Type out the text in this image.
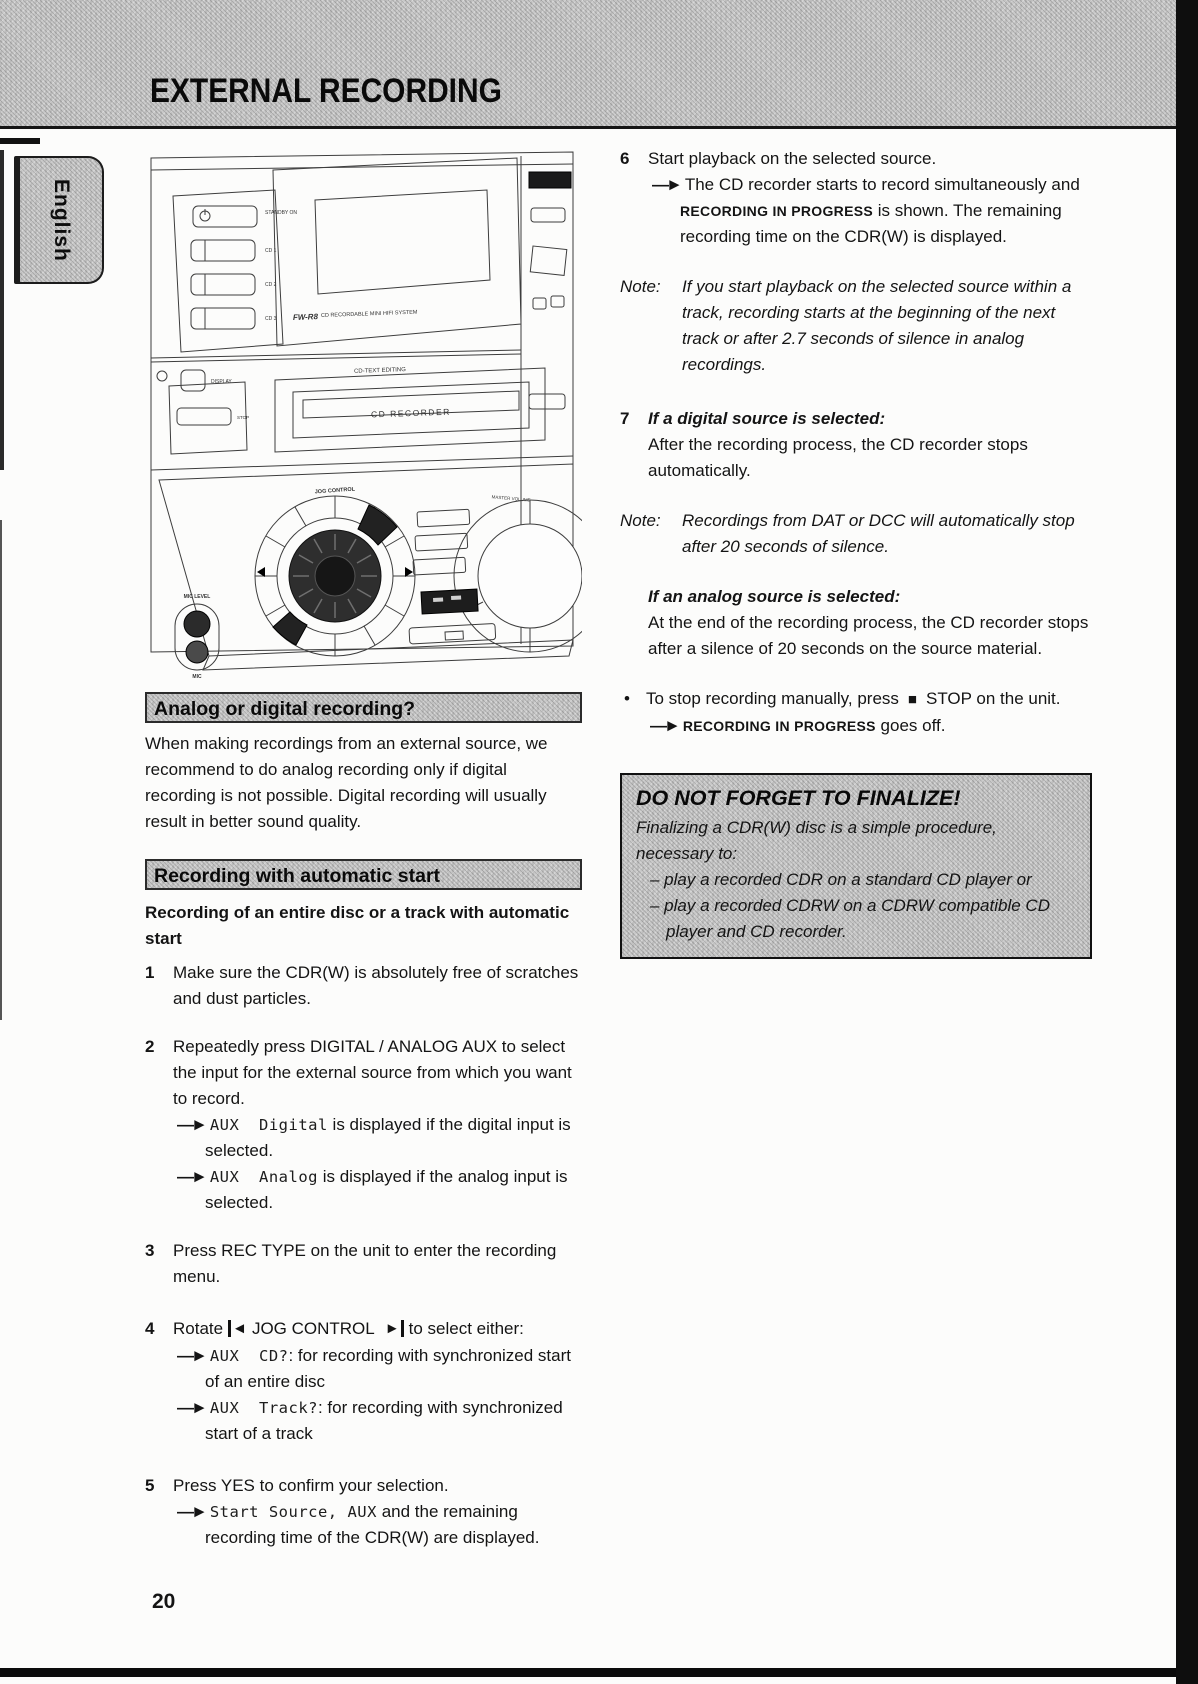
EXTERNAL RECORDING
English	STANDBY ON
CD 1
CD 2
CD 3
DISPLAY
FW-R8 CD RECORDABLE MINI HIFI SYSTEM
CD-TEXT EDITING
CD RECORDER
STOP
JOG CONTROL
MASTER VOLUME
MIC LEVEL
MIC
Analog or digital recording?
When making recordings from an external source, we recommend to do analog recording only if digital recording is not possible. Digital recording will usually result in better sound quality.
Recording with automatic start
Recording of an entire disc or a track with automatic start
1 Make sure the CDR(W) is absolutely free of scratches and dust particles.
2 Repeatedly press DIGITAL / ANALOG AUX to select the input for the external source from which you want to record.
—► AUX  Digital is displayed if the digital input is selected.
—► AUX  Analog is displayed if the analog input is selected.
3 Press REC TYPE on the unit to enter the recording menu.
4 Rotate ◄ JOG CONTROL ► to select either:
—► AUX  CD?: for recording with synchronized start of an entire disc
—► AUX  Track?: for recording with synchronized start of a track
5 Press YES to confirm your selection.
—► Start Source, AUX and the remaining recording time of the CDR(W) are displayed.
6 Start playback on the selected source.
—► The CD recorder starts to record simultaneously and RECORDING IN PROGRESS is shown. The remaining recording time on the CDR(W) is displayed.
Note:	If you start playback on the selected source within a track, recording starts at the beginning of the next track or after 2.7 seconds of silence in analog recordings.
7 If a digital source is selected:
After the recording process, the CD recorder stops automatically.
Note:	Recordings from DAT or DCC will automatically stop after 20 seconds of silence.
If an analog source is selected:
At the end of the recording process, the CD recorder stops after a silence of 20 seconds on the source material.
• To stop recording manually, press ■ STOP on the unit.
—► RECORDING IN PROGRESS goes off.
DO NOT FORGET TO FINALIZE!
Finalizing a CDR(W) disc is a simple procedure, necessary to:
– play a recorded CDR on a standard CD player or
– play a recorded CDRW on a CDRW compatible CD player and CD recorder.
20
